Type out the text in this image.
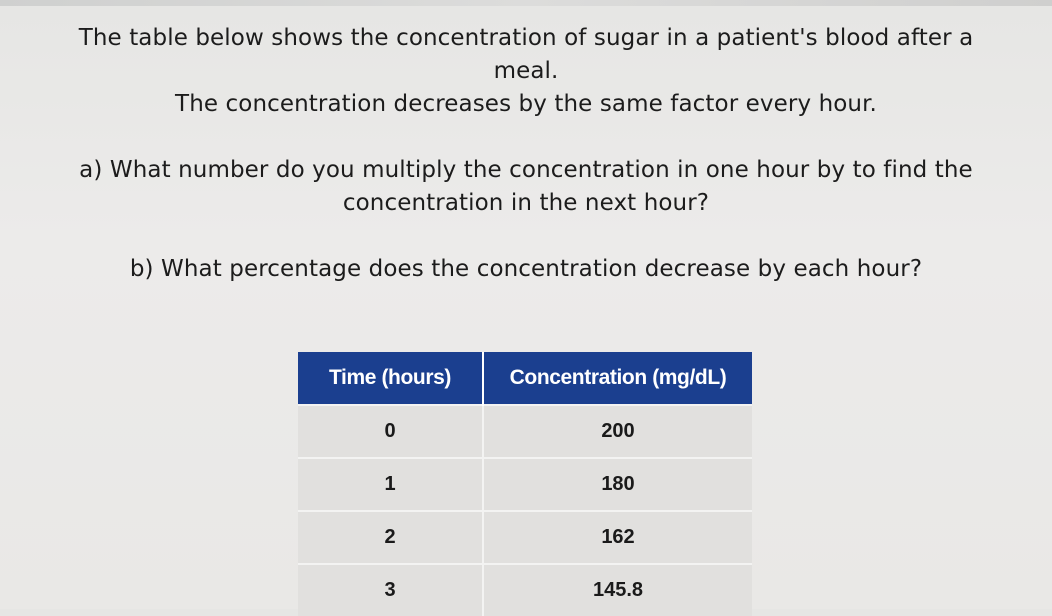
The table below shows the concentration of sugar in a patient's blood after a
meal.
The concentration decreases by the same factor every hour.
a) What number do you multiply the concentration in one hour by to find the
concentration in the next hour?
b) What percentage does the concentration decrease by each hour?
Time (hours)	Concentration (mg/dL)
0	200
1	180
2	162
3	145.8
